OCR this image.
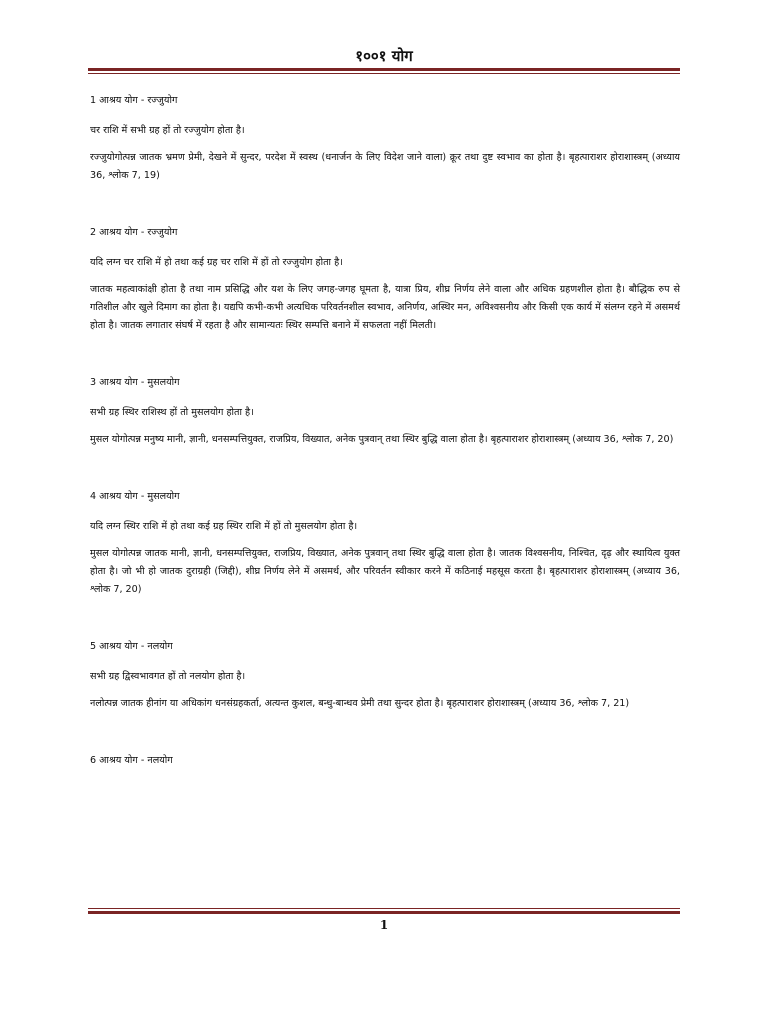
१००१ योग
1 आश्रय योग - रज्जुयोग
चर राशि में सभी ग्रह हों तो रज्जुयोग होता है।
रज्जुयोगोत्पन्न जातक भ्रमण प्रेमी, देखने में सुन्दर, परदेश में स्वस्थ (धनार्जन के लिए विदेश जाने वाला) क्रूर तथा दुष्ट स्वभाव का होता है। बृहत्पाराशर होराशास्त्रम् (अध्याय 36, श्लोक 7, 19)
2 आश्रय योग - रज्जुयोग
यदि लग्न चर राशि में हो तथा कई ग्रह चर राशि में हों तो रज्जुयोग होता है।
जातक महत्वाकांक्षी होता है तथा नाम प्रसिद्धि और यश के लिए जगह-जगह घूमता है, यात्रा प्रिय, शीघ्र निर्णय लेने वाला और अधिक ग्रहणशील होता है। बौद्धिक रुप से गतिशील और खुले दिमाग का होता है। यद्यपि कभी-कभी अत्यधिक परिवर्तनशील स्वभाव, अनिर्णय, अस्थिर मन, अविश्वसनीय और किसी एक कार्य में संलग्न रहने में असमर्थ होता है। जातक लगातार संघर्ष में रहता है और सामान्यतः स्थिर सम्पत्ति बनाने में सफलता नहीं मिलती।
3 आश्रय योग - मुसलयोग
सभी ग्रह स्थिर राशिस्थ हों तो मुसलयोग होता है।
मुसल योगोत्पन्न मनुष्य मानी, ज्ञानी, धनसम्पत्तियुक्त, राजप्रिय, विख्यात, अनेक पुत्रवान् तथा स्थिर बुद्धि वाला होता है। बृहत्पाराशर होराशास्त्रम् (अध्याय 36, श्लोक 7, 20)
4 आश्रय योग - मुसलयोग
यदि लग्न स्थिर राशि में हो तथा कई ग्रह स्थिर राशि में हों तो मुसलयोग होता है।
मुसल योगोत्पन्न जातक मानी, ज्ञानी, धनसम्पत्तियुक्त, राजप्रिय, विख्यात, अनेक पुत्रवान् तथा स्थिर बुद्धि वाला होता है। जातक विश्वसनीय, निश्चित, दृढ़ और स्थायित्व युक्त होता है। जो भी हो जातक दुराग्रही (जिद्दी), शीघ्र निर्णय लेने में असमर्थ, और परिवर्तन स्वीकार करने में कठिनाई महसूस करता है। बृहत्पाराशर होराशास्त्रम् (अध्याय 36, श्लोक 7, 20)
5 आश्रय योग - नलयोग
सभी ग्रह द्विस्वभावगत हों तो नलयोग होता है।
नलोत्पन्न जातक हीनांग या अधिकांग धनसंग्रहकर्ता, अत्यन्त कुशल, बन्धु-बान्धव प्रेमी तथा सुन्दर होता है। बृहत्पाराशर होराशास्त्रम् (अध्याय 36, श्लोक 7, 21)
6 आश्रय योग - नलयोग
1
